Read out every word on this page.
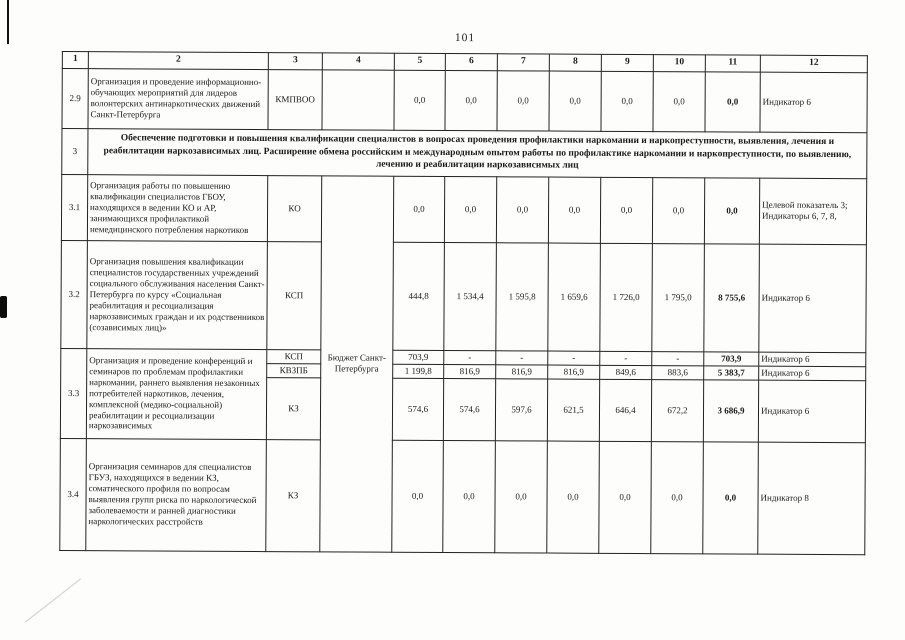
101
1	2	3	4	5	6	7	8	9	10	11	12
2.9	Организация и проведение информационно-обучающих мероприятий для лидеров волонтерских антинаркотических движений Санкт-Петербурга	КМПВОО		0,0	0,0	0,0	0,0	0,0	0,0	0,0	Индикатор 6
3	Обеспечение подготовки и повышения квалификации специалистов в вопросах проведения профилактики наркомании и наркопреступности, выявления, лечения и реабилитации наркозависимых лиц. Расширение обмена российским и международным опытом работы по профилактике наркомании и наркопреступности, по выявлению, лечению и реабилитации наркозависимых лиц										
3.1	Организация работы по повышению квалификации специалистов ГБОУ, находящихся в ведении КО и АР, занимающихся профилактикой немедицинского потребления наркотиков	КО	Бюджет Санкт-Петербурга	0,0	0,0	0,0	0,0	0,0	0,0	0,0	Целевой показатель 3; Индикаторы 6, 7, 8,
3.2	Организация повышения квалификации специалистов государственных учреждений социального обслуживания населения Санкт-Петербурга по курсу «Социальная реабилитация и ресоциализация наркозависимых граждан и их родственников (созависимых лиц)»	КСП		444,8	1 534,4	1 595,8	1 659,6	1 726,0	1 795,0	8 755,6	Индикатор 6
3.3	Организация и проведение конференций и семинаров по проблемам профилактики наркомании, раннего выявления незаконных потребителей наркотиков, лечения, комплексной (медико-социальной) реабилитации и ресоциализации наркозависимых	КСП		703,9	-	-	-	-	-	703,9	Индикатор 6
		КВЗПБ		1 199,8	816,9	816,9	816,9	849,6	883,6	5 383,7	Индикатор 6
		КЗ		574,6	574,6	597,6	621,5	646,4	672,2	3 686,9	Индикатор 6
3.4	Организация семинаров для специалистов ГБУЗ, находящихся в ведении КЗ, соматического профиля по вопросам выявления групп риска по наркологической заболеваемости и ранней диагностики наркологических расстройств	КЗ		0,0	0,0	0,0	0,0	0,0	0,0	0,0	Индикатор 8
